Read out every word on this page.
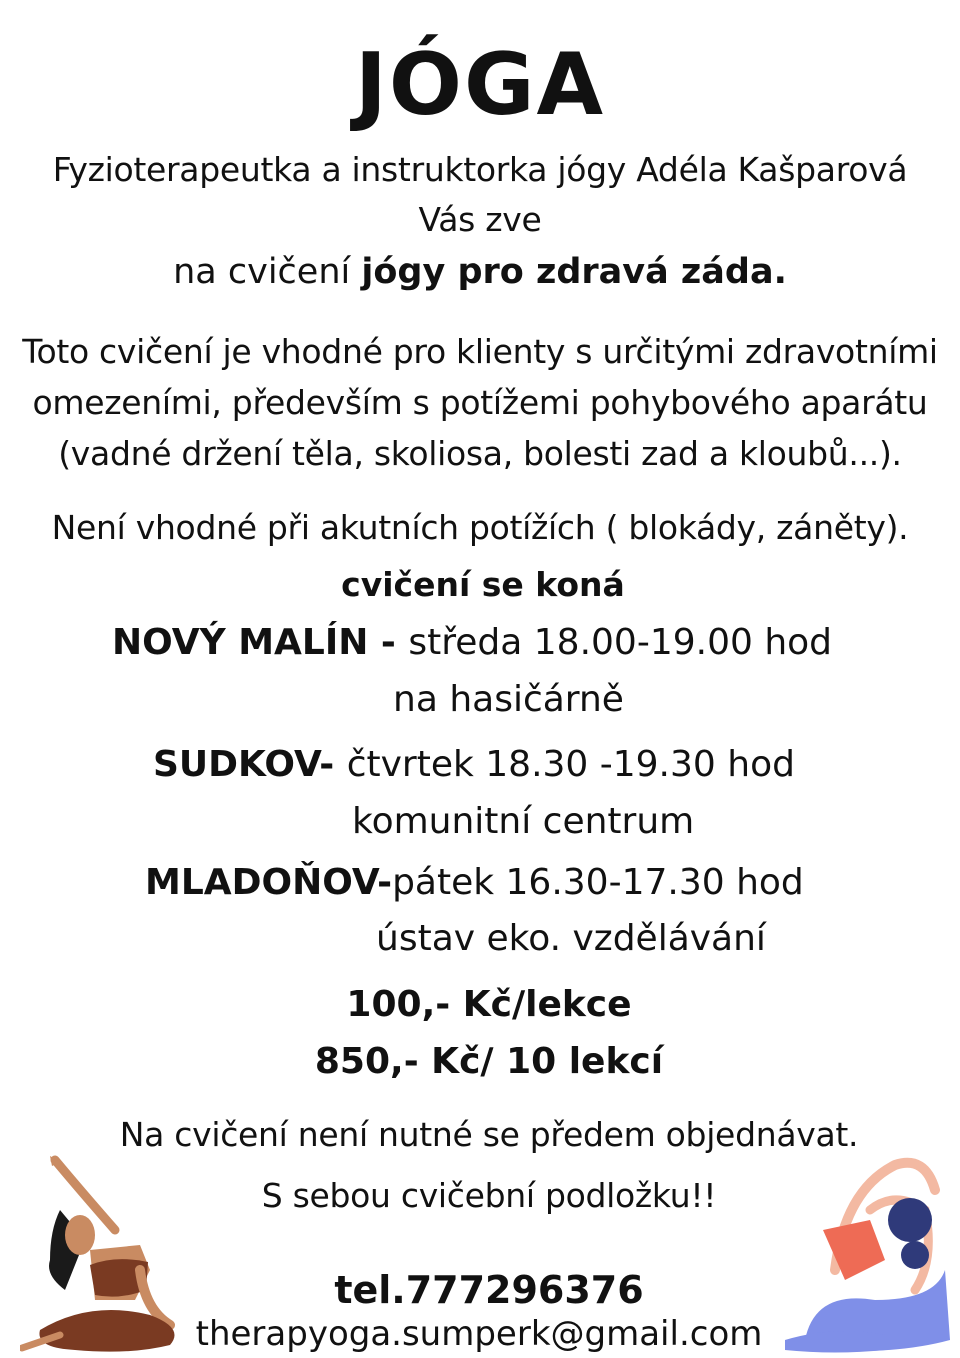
JÓGA
Fyzioterapeutka a instruktorka jógy Adéla Kašparová
Vás zve
na cvičení jógy pro zdravá záda.
Toto cvičení je vhodné pro klienty s určitými zdravotními
omezeními, především s potížemi pohybového aparátu
(vadné držení těla, skoliosa, bolesti zad a kloubů...).
Není vhodné při akutních potížích ( blokády, záněty).
cvičení se koná
NOVÝ MALÍN - středa 18.00-19.00 hod
na hasičárně
SUDKOV- čtvrtek 18.30 -19.30 hod
komunitní centrum
MLADOŇOV-pátek 16.30-17.30 hod
ústav eko. vzdělávání
100,- Kč/lekce
850,- Kč/ 10 lekcí
Na cvičení není nutné se předem objednávat.
S sebou cvičební podložku!!
tel.777296376
therapyoga.sumperk@gmail.com
